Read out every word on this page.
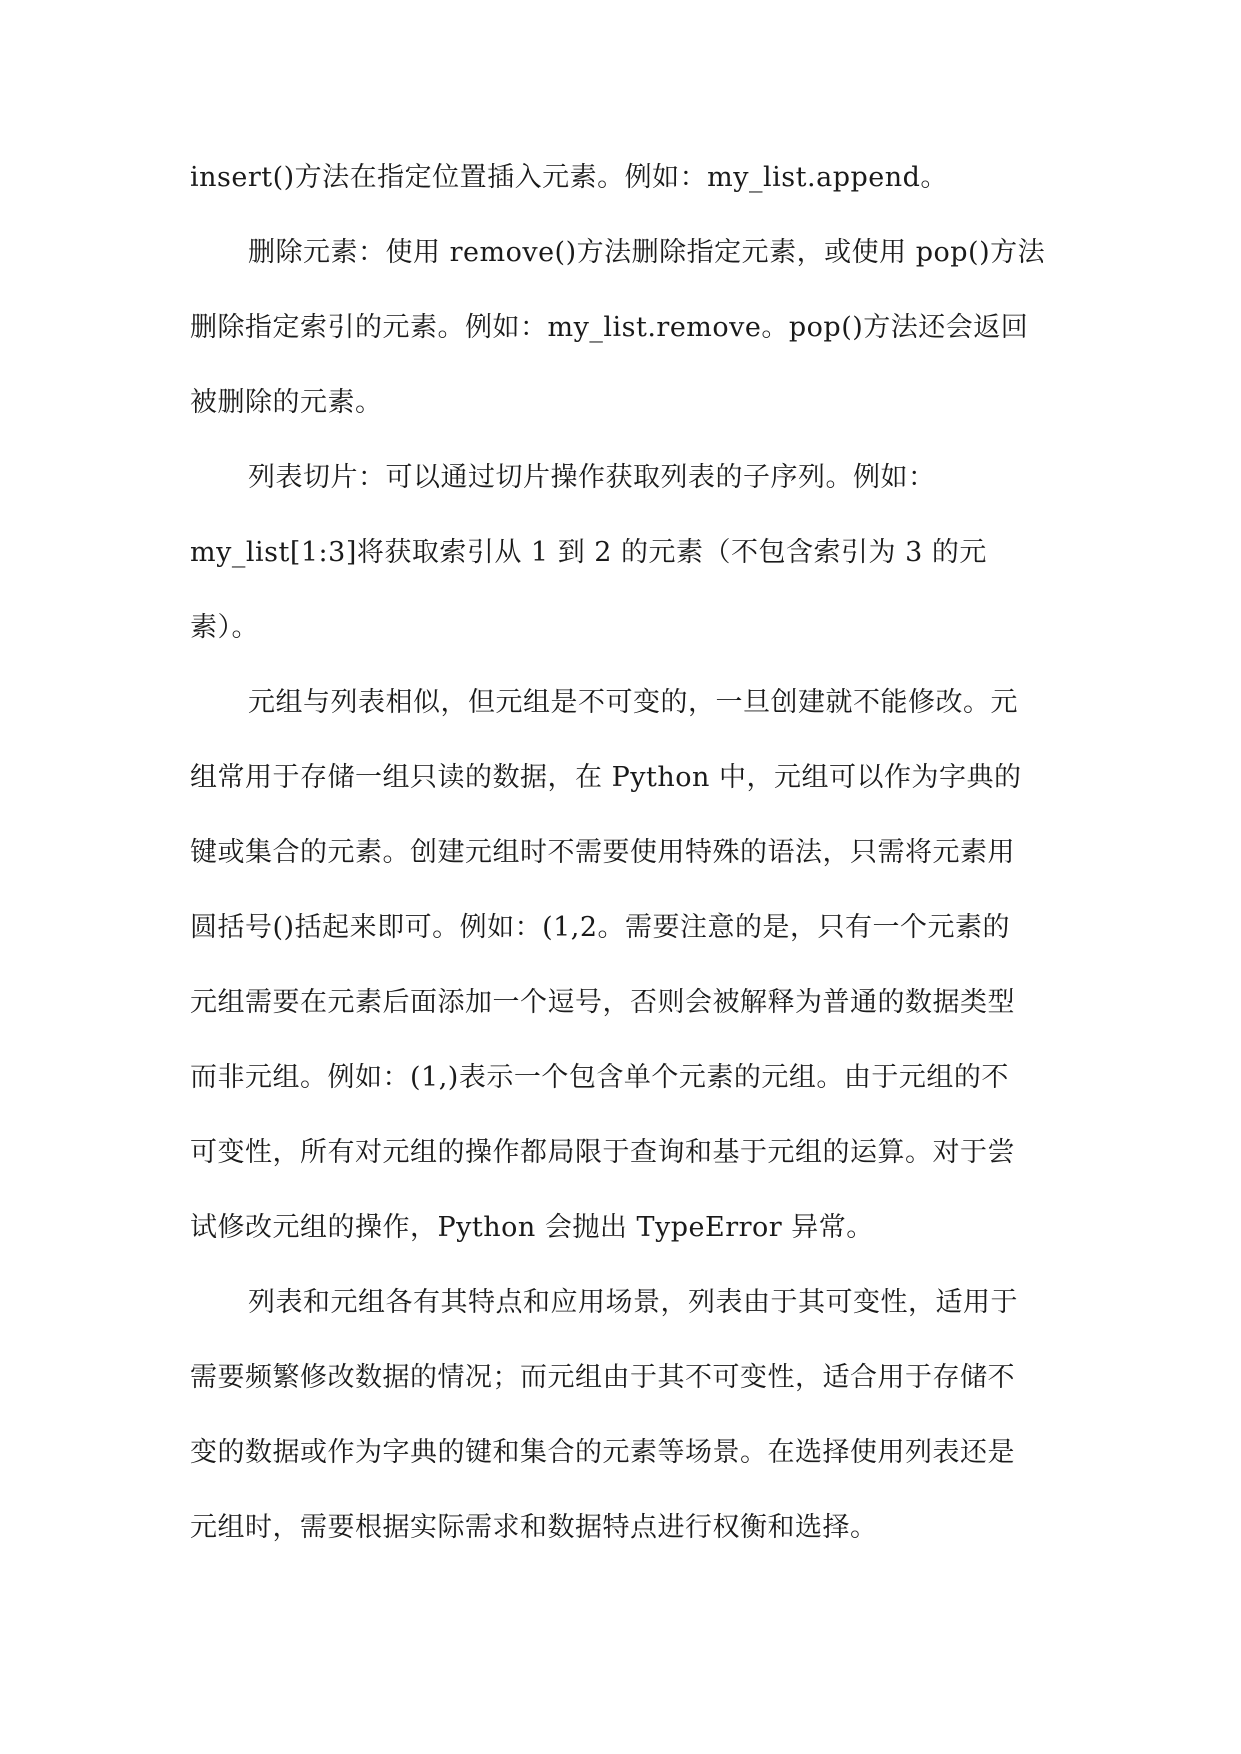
insert()方法在指定位置插入元素。例如：my_list.append。
删除元素：使用 remove()方法删除指定元素，或使用 pop()方法
删除指定索引的元素。例如：my_list.remove。pop()方法还会返回
被删除的元素。
列表切片：可以通过切片操作获取列表的子序列。例如：
my_list[1:3]将获取索引从 1 到 2 的元素（不包含索引为 3 的元
素）。
元组与列表相似，但元组是不可变的，一旦创建就不能修改。元
组常用于存储一组只读的数据，在 Python 中，元组可以作为字典的
键或集合的元素。创建元组时不需要使用特殊的语法，只需将元素用
圆括号()括起来即可。例如：(1,2。需要注意的是，只有一个元素的
元组需要在元素后面添加一个逗号，否则会被解释为普通的数据类型
而非元组。例如：(1,)表示一个包含单个元素的元组。由于元组的不
可变性，所有对元组的操作都局限于查询和基于元组的运算。对于尝
试修改元组的操作，Python 会抛出 TypeError 异常。
列表和元组各有其特点和应用场景，列表由于其可变性，适用于
需要频繁修改数据的情况；而元组由于其不可变性，适合用于存储不
变的数据或作为字典的键和集合的元素等场景。在选择使用列表还是
元组时，需要根据实际需求和数据特点进行权衡和选择。
